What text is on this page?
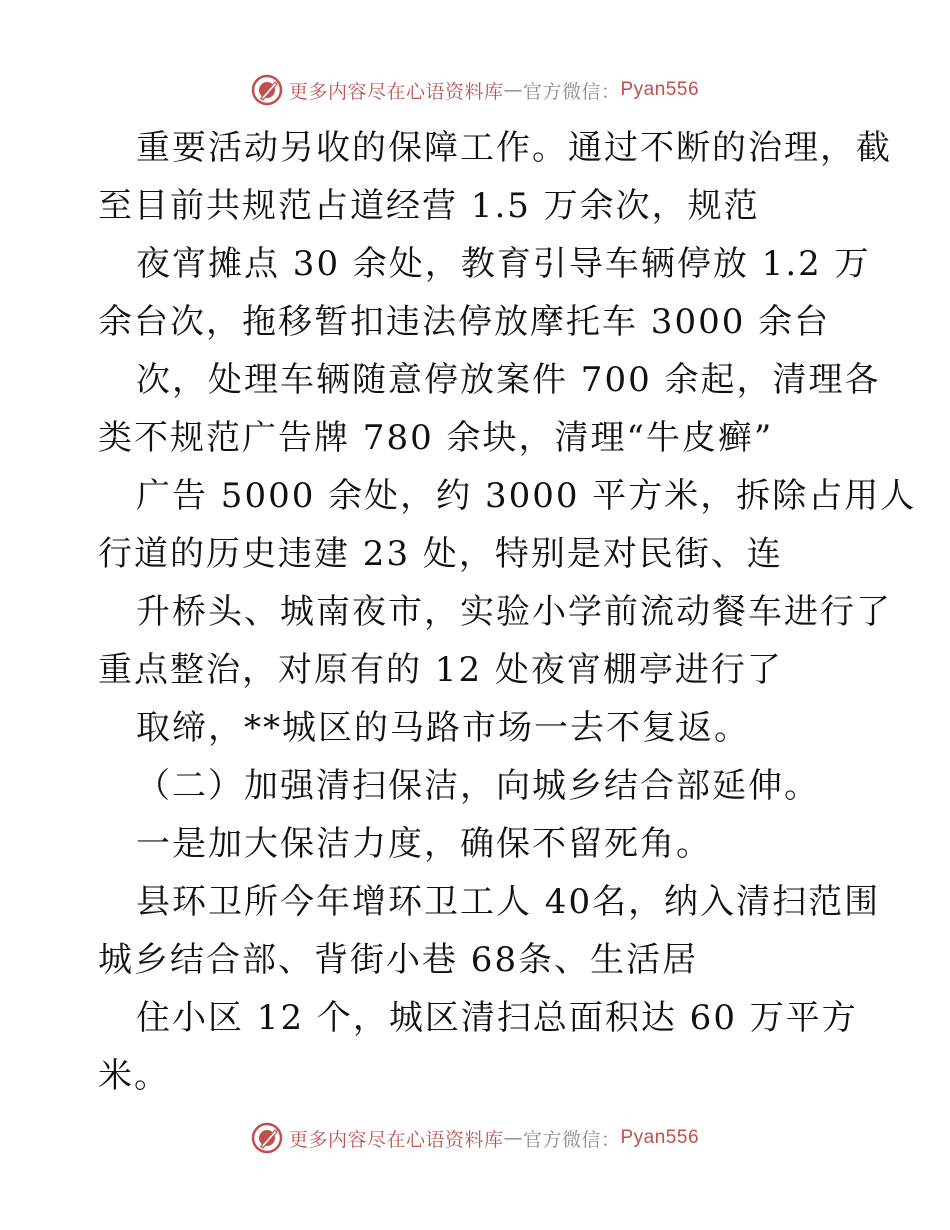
更多内容尽在心语资料库 — 官方微信： Pyan556
重要活动另收的保障工作。通过不断的治理，截
至目前共规范占道经营 1.5 万余次，规范
夜宵摊点 30 余处，教育引导车辆停放 1.2 万
余台次，拖移暂扣违法停放摩托车 3000 余台
次，处理车辆随意停放案件 700 余起，清理各
类不规范广告牌 780 余块，清理“牛皮癣”
广告 5000 余处，约 3000 平方米，拆除占用人
行道的历史违建 23 处，特别是对民街、连
升桥头、城南夜市，实验小学前流动餐车进行了
重点整治，对原有的 12 处夜宵棚亭进行了
取缔，**城区的马路市场一去不复返。
（二）加强清扫保洁，向城乡结合部延伸。
一是加大保洁力度，确保不留死角。
县环卫所今年增环卫工人 40名，纳入清扫范围
城乡结合部、背街小巷 68条、生活居
住小区 12 个，城区清扫总面积达 60 万平方
米。
更多内容尽在心语资料库 — 官方微信： Pyan556
